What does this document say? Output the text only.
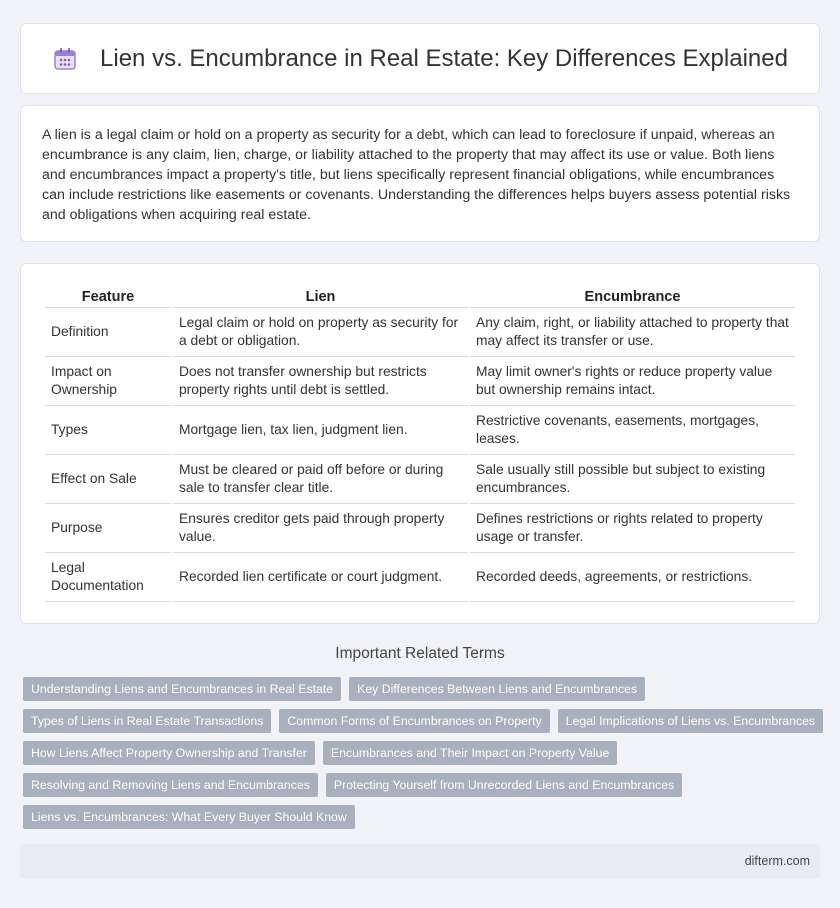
Lien vs. Encumbrance in Real Estate: Key Differences Explained

A lien is a legal claim or hold on a property as security for a debt, which can lead to foreclosure if unpaid, whereas an encumbrance is any claim, lien, charge, or liability attached to the property that may affect its use or value. Both liens and encumbrances impact a property's title, but liens specifically represent financial obligations, while encumbrances can include restrictions like easements or covenants. Understanding the differences helps buyers assess potential risks and obligations when acquiring real estate.

Feature	Lien	Encumbrance
Definition	Legal claim or hold on property as security for a debt or obligation.	Any claim, right, or liability attached to property that may affect its transfer or use.
Impact on Ownership	Does not transfer ownership but restricts property rights until debt is settled.	May limit owner's rights or reduce property value but ownership remains intact.
Types	Mortgage lien, tax lien, judgment lien.	Restrictive covenants, easements, mortgages, leases.
Effect on Sale	Must be cleared or paid off before or during sale to transfer clear title.	Sale usually still possible but subject to existing encumbrances.
Purpose	Ensures creditor gets paid through property value.	Defines restrictions or rights related to property usage or transfer.
Legal Documentation	Recorded lien certificate or court judgment.	Recorded deeds, agreements, or restrictions.
Important Related Terms
Understanding Liens and Encumbrances in Real Estate	Key Differences Between Liens and Encumbrances
Types of Liens in Real Estate Transactions	Common Forms of Encumbrances on Property	Legal Implications of Liens vs. Encumbrances
How Liens Affect Property Ownership and Transfer	Encumbrances and Their Impact on Property Value
Resolving and Removing Liens and Encumbrances	Protecting Yourself from Unrecorded Liens and Encumbrances
Liens vs. Encumbrances: What Every Buyer Should Know
difterm.com
